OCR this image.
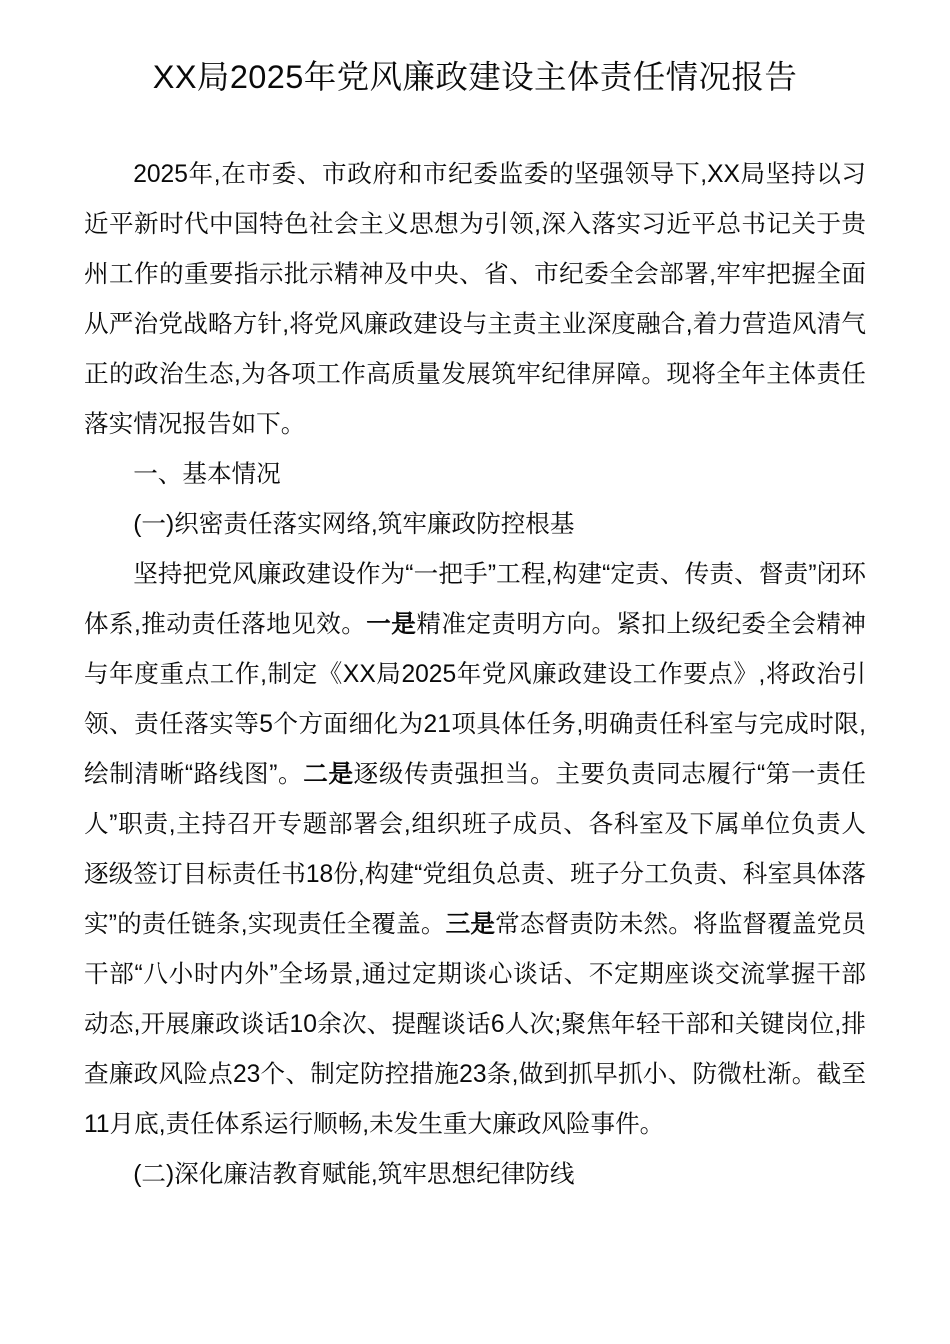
XX局2025年党风廉政建设主体责任情况报告

2025年,在市委、市政府和市纪委监委的坚强领导下,XX局坚持以习近平新时代中国特色社会主义思想为引领,深入落实习近平总书记关于贵州工作的重要指示批示精神及中央、省、市纪委全会部署,牢牢把握全面从严治党战略方针,将党风廉政建设与主责主业深度融合,着力营造风清气正的政治生态,为各项工作高质量发展筑牢纪律屏障。现将全年主体责任落实情况报告如下。

一、基本情况

(一)织密责任落实网络,筑牢廉政防控根基

坚持把党风廉政建设作为“一把手”工程,构建“定责、传责、督责”闭环体系,推动责任落地见效。一是精准定责明方向。紧扣上级纪委全会精神与年度重点工作,制定《XX局2025年党风廉政建设工作要点》,将政治引领、责任落实等5个方面细化为21项具体任务,明确责任科室与完成时限,绘制清晰“路线图”。二是逐级传责强担当。主要负责同志履行“第一责任人”职责,主持召开专题部署会,组织班子成员、各科室及下属单位负责人逐级签订目标责任书18份,构建“党组负总责、班子分工负责、科室具体落实”的责任链条,实现责任全覆盖。三是常态督责防未然。将监督覆盖党员干部“八小时内外”全场景,通过定期谈心谈话、不定期座谈交流掌握干部动态,开展廉政谈话10余次、提醒谈话6人次;聚焦年轻干部和关键岗位,排查廉政风险点23个、制定防控措施23条,做到抓早抓小、防微杜渐。截至11月底,责任体系运行顺畅,未发生重大廉政风险事件。

(二)深化廉洁教育赋能,筑牢思想纪律防线
